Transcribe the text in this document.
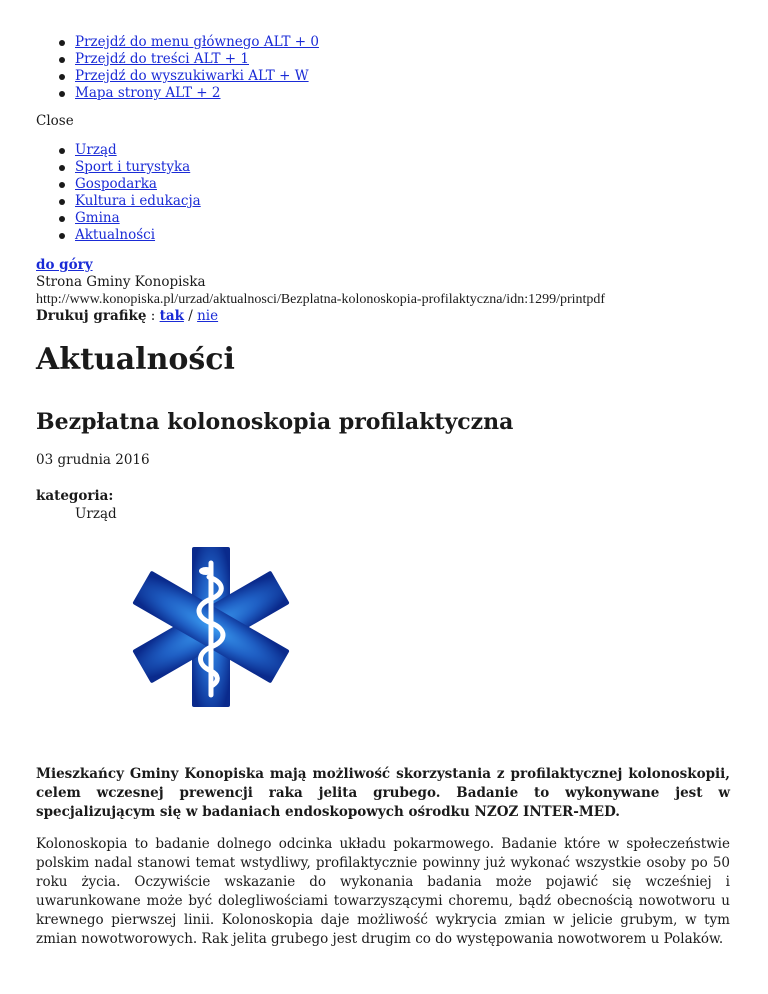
Przejdź do menu głównego ALT + 0
Przejdź do treści ALT + 1
Przejdź do wyszukiwarki ALT + W
Mapa strony ALT + 2
Close
Urząd
Sport i turystyka
Gospodarka
Kultura i edukacja
Gmina
Aktualności
do góry
Strona Gminy Konopiska
http://www.konopiska.pl/urzad/aktualnosci/Bezplatna-kolonoskopia-profilaktyczna/idn:1299/printpdf
Drukuj grafikę : tak / nie
Aktualności
Bezpłatna kolonoskopia profilaktyczna
03 grudnia 2016
kategoria:
Urząd
Mieszkańcy Gminy Konopiska mają możliwość skorzystania z profilaktycznej kolonoskopii, celem wczesnej prewencji raka jelita grubego. Badanie to wykonywane jest w specjalizującym się w badaniach endoskopowych ośrodku NZOZ INTER-MED.
Kolonoskopia to badanie dolnego odcinka układu pokarmowego. Badanie które w społeczeństwie polskim nadal stanowi temat wstydliwy, profilaktycznie powinny już wykonać wszystkie osoby po 50 roku życia. Oczywiście wskazanie do wykonania badania może pojawić się wcześniej i uwarunkowane może być dolegliwościami towarzyszącymi choremu, bądź obecnością nowotworu u krewnego pierwszej linii. Kolonoskopia daje możliwość wykrycia zmian w jelicie grubym, w tym zmian nowotworowych. Rak jelita grubego jest drugim co do występowania nowotworem u Polaków.
